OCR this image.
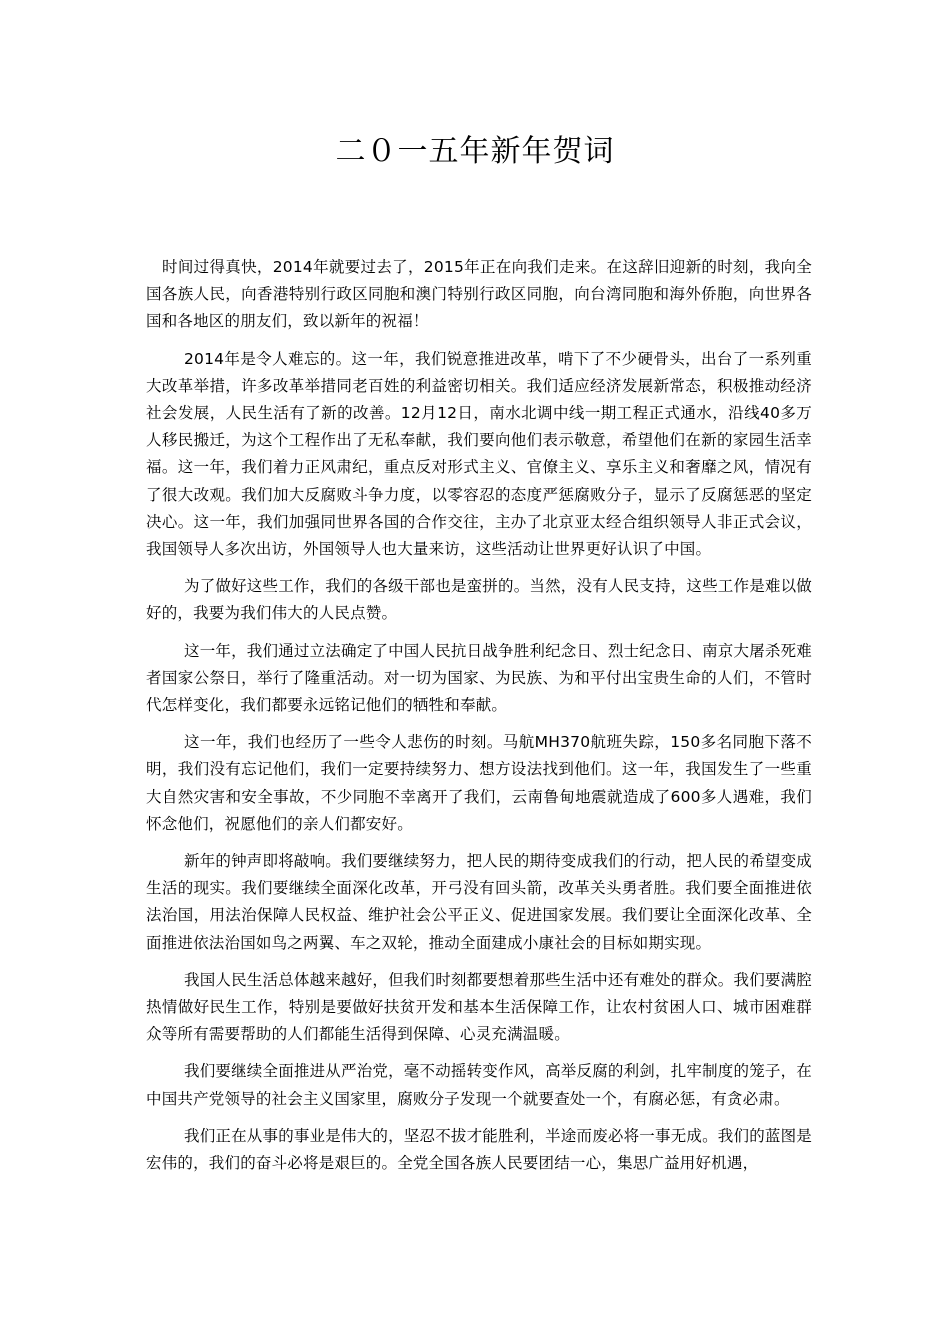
二０一五年新年贺词

时间过得真快，2014年就要过去了，2015年正在向我们走来。在这辞旧迎新的时刻，我向全国各族人民，向香港特别行政区同胞和澳门特别行政区同胞，向台湾同胞和海外侨胞，向世界各国和各地区的朋友们，致以新年的祝福！

2014年是令人难忘的。这一年，我们锐意推进改革，啃下了不少硬骨头，出台了一系列重大改革举措，许多改革举措同老百姓的利益密切相关。我们适应经济发展新常态，积极推动经济社会发展，人民生活有了新的改善。12月12日，南水北调中线一期工程正式通水，沿线40多万人移民搬迁，为这个工程作出了无私奉献，我们要向他们表示敬意，希望他们在新的家园生活幸福。这一年，我们着力正风肃纪，重点反对形式主义、官僚主义、享乐主义和奢靡之风，情况有了很大改观。我们加大反腐败斗争力度，以零容忍的态度严惩腐败分子，显示了反腐惩恶的坚定决心。这一年，我们加强同世界各国的合作交往，主办了北京亚太经合组织领导人非正式会议，我国领导人多次出访，外国领导人也大量来访，这些活动让世界更好认识了中国。

为了做好这些工作，我们的各级干部也是蛮拼的。当然，没有人民支持，这些工作是难以做好的，我要为我们伟大的人民点赞。

这一年，我们通过立法确定了中国人民抗日战争胜利纪念日、烈士纪念日、南京大屠杀死难者国家公祭日，举行了隆重活动。对一切为国家、为民族、为和平付出宝贵生命的人们，不管时代怎样变化，我们都要永远铭记他们的牺牲和奉献。

这一年，我们也经历了一些令人悲伤的时刻。马航MH370航班失踪，150多名同胞下落不明，我们没有忘记他们，我们一定要持续努力、想方设法找到他们。这一年，我国发生了一些重大自然灾害和安全事故，不少同胞不幸离开了我们，云南鲁甸地震就造成了600多人遇难，我们怀念他们，祝愿他们的亲人们都安好。

新年的钟声即将敲响。我们要继续努力，把人民的期待变成我们的行动，把人民的希望变成生活的现实。我们要继续全面深化改革，开弓没有回头箭，改革关头勇者胜。我们要全面推进依法治国，用法治保障人民权益、维护社会公平正义、促进国家发展。我们要让全面深化改革、全面推进依法治国如鸟之两翼、车之双轮，推动全面建成小康社会的目标如期实现。

我国人民生活总体越来越好，但我们时刻都要想着那些生活中还有难处的群众。我们要满腔热情做好民生工作，特别是要做好扶贫开发和基本生活保障工作，让农村贫困人口、城市困难群众等所有需要帮助的人们都能生活得到保障、心灵充满温暖。

我们要继续全面推进从严治党，毫不动摇转变作风，高举反腐的利剑，扎牢制度的笼子，在中国共产党领导的社会主义国家里，腐败分子发现一个就要查处一个，有腐必惩，有贪必肃。

我们正在从事的事业是伟大的，坚忍不拔才能胜利，半途而废必将一事无成。我们的蓝图是宏伟的，我们的奋斗必将是艰巨的。全党全国各族人民要团结一心，集思广益用好机遇，
